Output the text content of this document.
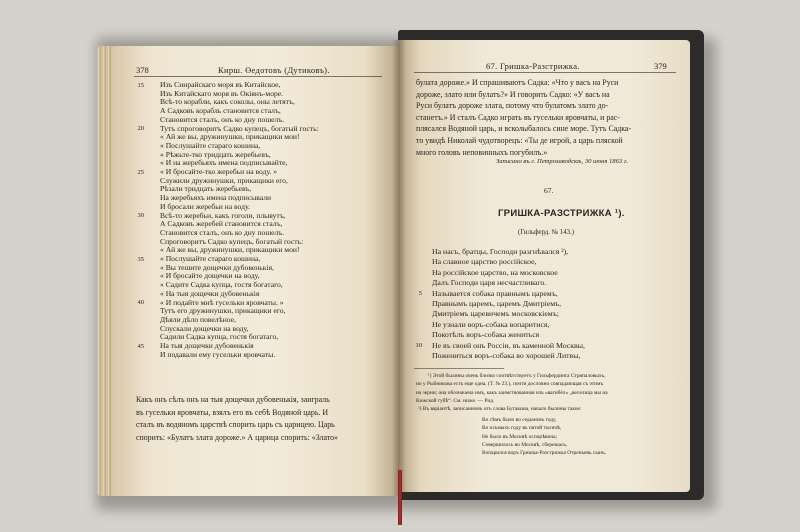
378	Кирш. Өедотовъ (Дутиковъ).
15 Изъ Синрайскаго моря въ Китайское,
Изъ Китайскаго моря въ Окіянъ-море.
Всѣ-то корабли, какъ соколы, оны летятъ,
А Садковъ корабль становится сталъ,
Становится сталъ, онъ ко дну пошелъ.
20 Тутъ спроговоритъ Садко купецъ, богатый гость:
« Ай же вы, дружинушки, прикащики мои!
« Послушайте стараго кошина,
« Рѣжьте-тко тридцать жеребьевъ,
« И на жеребьяхъ имена подписывайте,
25 « И бросайте-тко жеребьи на воду. »
Служили дружинушки, прикащики его,
Рѣзали тридцать жеребьевъ,
На жеребьяхъ имена подписывали
И бросали жеребьи на воду.
30 Всѣ-то жеребьи, какъ гоголи, плывутъ,
А Садковъ жеребей становится сталъ,
Становится сталъ, онъ ко дну пошелъ.
Спроговоритъ Садко купецъ, богатый гость:
« Ай же вы, дружинушки, прикащики мои!
35 « Послушайте стараго кошина,
« Вы тешите дощечки дубовенькія,
« И бросайте дощечки на воду,
« Садите Садка купца, гостя богатаго,
« На тыя дощечки дубовенькія
40 « И подайте мнѣ гусельки яровчаты. »
Тутъ его дружинушки, прикащики его,
Дѣяли дѣло повелѣное,
Спускали дощечки на воду,
Садили Садка купца, гостя богатаго,
45 На тыя дощечки дубовенькія
И подавали ему гусельки яровчаты.
Какъ онъ сѣлъ онъ на тыя дощечки дубовенькія, заиграль
въ гусельки яровчаты, взялъ его въ себѣ Водяной царь. И
сталъ въ водяномъ царствѣ спорить царь съ царицею. Царь
спорить: «Булатъ злата дороже.» А царица спорить: «Злато»
67. Гришка-Разстрижка.	379
булата дороже.» И спрашиваютъ Садка: «Что у васъ на Руси
дороже, злато или булатъ?» И говорить Садко: «У васъ на
Руси булатъ дороже злата, потому что булатомъ злато до-
станетъ.» И сталъ Садко играть въ гусельки яровчаты, и рас-
плясался Водяной царь, и всколыбалось сине море. Тутъ Садка-
то увидѣ Николай чудотворецъ: «Ты де игрой, а царь пляской
много головъ неповинныхъ погубилъ.»
Записано въ г. Петрозаводскѣ, 30 июня 1863 г.
67.
ГРИШКА-РАЗСТРИЖКА ¹).
(Гильферд. № 143.)
На насъ, братцы, Господи разгнѣвался ²),
На славное царство россійское,
На россійское царство, на московское
Далъ Господи царя несчастливаго.
5 Называется собака правнымъ царемъ,
Правнымъ царемъ, царемъ Дмитріемъ,
Дмитріемъ царевичемъ московскіемъ;
Не узнали воръ-собака вопаритися,
Покотѣлъ воръ-собака жениться
10 Не въ своей онъ Россіи, въ каменной Москвы,
Пожениться воръ-собака во хорошей Литвы,
¹) Этой былины очень близко соотвѣтствуетъ у Гильфердинга Стряпаловыхъ,
но у Рыбникова есть еще одна, (Т. № 23.), почти дословно совпадающая съ этимъ
на зерни; она обозначена имъ, какъ заимствованная изъ «вагибёл» „веселица мы на
Кижской губѣ“. См. ниже. — Рид.
²) Въ варіантѣ, записанномъ отъ слова Бутакина, начало былины такое:
Во сѣмъ было во седьмомъ году,
Во осьмыхъ году въ пятой тысячѣ,
Не было въ Москвѣ оспорѣвича;
Совершилось во Москвѣ, сберешась,
Вопарился воръ Гришка-Разстрижка Отрепьевъ сынъ.
